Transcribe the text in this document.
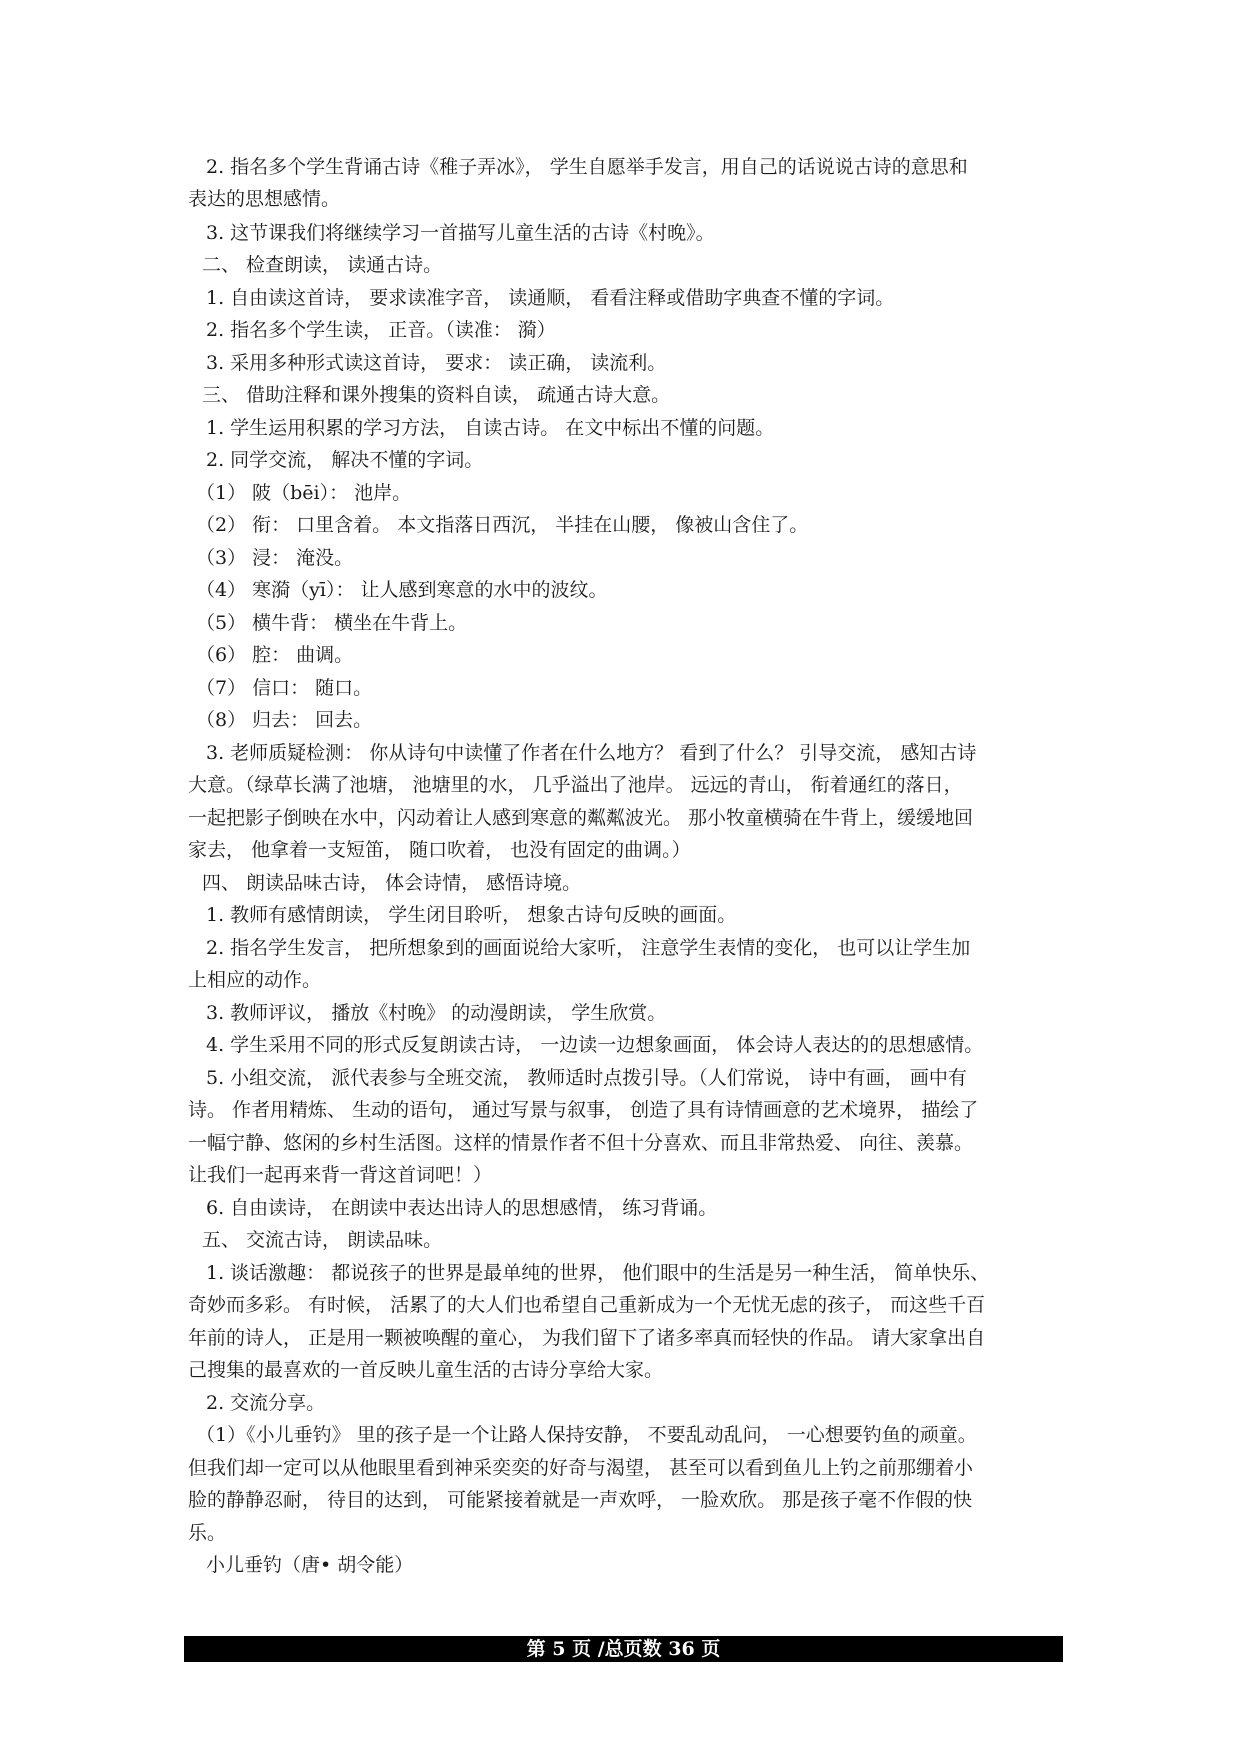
2. 指名多个学生背诵古诗《稚子弄冰》， 学生自愿举手发言，用自己的话说说古诗的意思和
表达的思想感情。
3. 这节课我们将继续学习一首描写儿童生活的古诗《村晚》。
二、 检查朗读， 读通古诗。
1. 自由读这首诗， 要求读准字音， 读通顺， 看看注释或借助字典查不懂的字词。
2. 指名多个学生读， 正音。（读准： 漪）
3. 采用多种形式读这首诗， 要求： 读正确， 读流利。
三、 借助注释和课外搜集的资料自读， 疏通古诗大意。
1. 学生运用积累的学习方法， 自读古诗。 在文中标出不懂的问题。
2. 同学交流， 解决不懂的字词。
（1） 陂（bēi）： 池岸。
（2） 衔： 口里含着。 本文指落日西沉， 半挂在山腰， 像被山含住了。
（3） 浸： 淹没。
（4） 寒漪（yī）： 让人感到寒意的水中的波纹。
（5） 横牛背： 横坐在牛背上。
（6） 腔： 曲调。
（7） 信口： 随口。
（8） 归去： 回去。
3. 老师质疑检测： 你从诗句中读懂了作者在什么地方？ 看到了什么？ 引导交流， 感知古诗
大意。（绿草长满了池塘， 池塘里的水， 几乎溢出了池岸。 远远的青山， 衔着通红的落日，
一起把影子倒映在水中，闪动着让人感到寒意的粼粼波光。 那小牧童横骑在牛背上，缓缓地回
家去， 他拿着一支短笛， 随口吹着， 也没有固定的曲调。）
四、 朗读品味古诗， 体会诗情， 感悟诗境。
1. 教师有感情朗读， 学生闭目聆听， 想象古诗句反映的画面。
2. 指名学生发言， 把所想象到的画面说给大家听， 注意学生表情的变化， 也可以让学生加
上相应的动作。
3. 教师评议， 播放《村晚》 的动漫朗读， 学生欣赏。
4. 学生采用不同的形式反复朗读古诗， 一边读一边想象画面， 体会诗人表达的的思想感情。
5. 小组交流， 派代表参与全班交流， 教师适时点拨引导。（人们常说， 诗中有画， 画中有
诗。 作者用精炼、 生动的语句， 通过写景与叙事， 创造了具有诗情画意的艺术境界， 描绘了
一幅宁静、悠闲的乡村生活图。这样的情景作者不但十分喜欢、而且非常热爱、 向往、羡慕。
让我们一起再来背一背这首词吧！）
6. 自由读诗， 在朗读中表达出诗人的思想感情， 练习背诵。
五、 交流古诗， 朗读品味。
1. 谈话激趣： 都说孩子的世界是最单纯的世界， 他们眼中的生活是另一种生活， 简单快乐、
奇妙而多彩。 有时候， 活累了的大人们也希望自己重新成为一个无忧无虑的孩子， 而这些千百
年前的诗人， 正是用一颗被唤醒的童心， 为我们留下了诸多率真而轻快的作品。 请大家拿出自
己搜集的最喜欢的一首反映儿童生活的古诗分享给大家。
2. 交流分享。
（1）《小儿垂钓》 里的孩子是一个让路人保持安静， 不要乱动乱问， 一心想要钓鱼的顽童。
但我们却一定可以从他眼里看到神采奕奕的好奇与渴望， 甚至可以看到鱼儿上钓之前那绷着小
脸的静静忍耐， 待目的达到， 可能紧接着就是一声欢呼， 一脸欢欣。 那是孩子毫不作假的快
乐。
小儿垂钓（唐• 胡令能）
第 5 页 /总页数 36 页
